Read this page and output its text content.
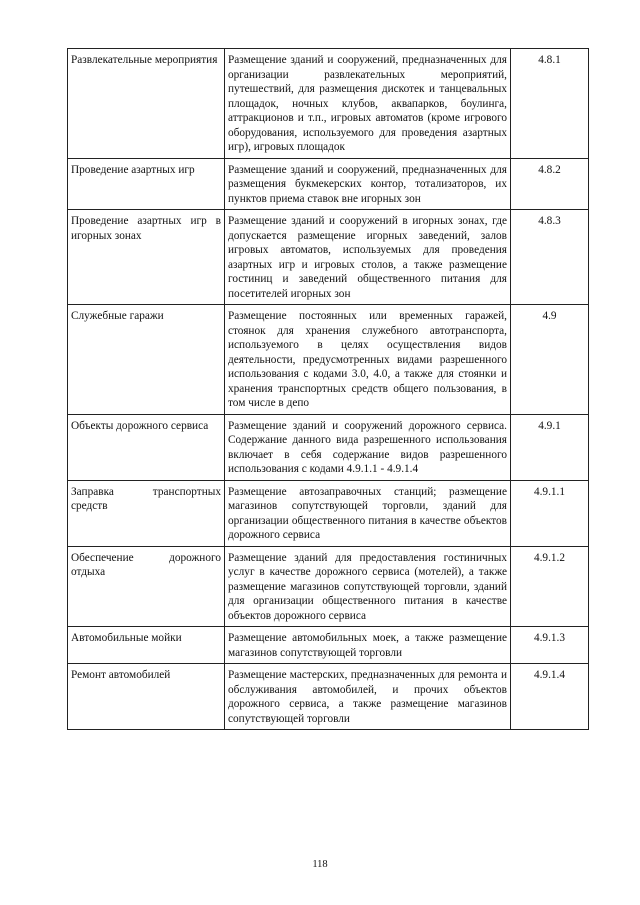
Развлекательные мероприятия	Размещение зданий и сооружений, предназначенных для организации развлекательных мероприятий, путешествий, для размещения дискотек и танцевальных площадок, ночных клубов, аквапарков, боулинга, аттракционов и т.п., игровых автоматов (кроме игрового оборудования, используемого для проведения азартных игр), игровых площадок	4.8.1
Проведение азартных игр	Размещение зданий и сооружений, предназначенных для размещения букмекерских контор, тотализаторов, их пунктов приема ставок вне игорных зон	4.8.2
Проведение азартных игр в игорных зонах	Размещение зданий и сооружений в игорных зонах, где допускается размещение игорных заведений, залов игровых автоматов, используемых для проведения азартных игр и игровых столов, а также размещение гостиниц и заведений общественного питания для посетителей игорных зон	4.8.3
Служебные гаражи	Размещение постоянных или временных гаражей, стоянок для хранения служебного автотранспорта, используемого в целях осуществления видов деятельности, предусмотренных видами разрешенного использования с кодами 3.0, 4.0, а также для стоянки и хранения транспортных средств общего пользования, в том числе в депо	4.9
Объекты дорожного сервиса	Размещение зданий и сооружений дорожного сервиса. Содержание данного вида разрешенного использования включает в себя содержание видов разрешенного использования с кодами 4.9.1.1 - 4.9.1.4	4.9.1
Заправка транспортных средств	Размещение автозаправочных станций; размещение магазинов сопутствующей торговли, зданий для организации общественного питания в качестве объектов дорожного сервиса	4.9.1.1
Обеспечение дорожного отдыха	Размещение зданий для предоставления гостиничных услуг в качестве дорожного сервиса (мотелей), а также размещение магазинов сопутствующей торговли, зданий для организации общественного питания в качестве объектов дорожного сервиса	4.9.1.2
Автомобильные мойки	Размещение автомобильных моек, а также размещение магазинов сопутствующей торговли	4.9.1.3
Ремонт автомобилей	Размещение мастерских, предназначенных для ремонта и обслуживания автомобилей, и прочих объектов дорожного сервиса, а также размещение магазинов сопутствующей торговли	4.9.1.4
118
